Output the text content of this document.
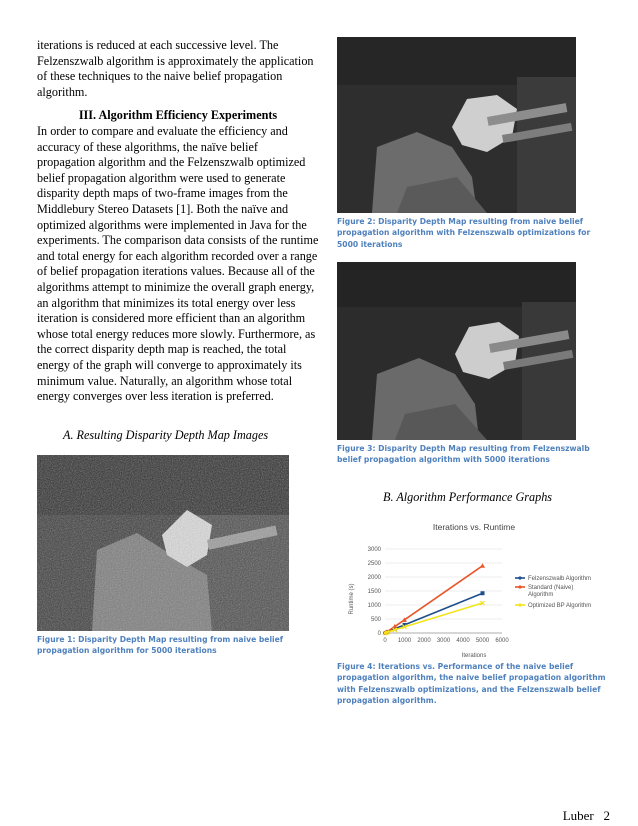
iterations is reduced at each successive level. The Felzenszwalb algorithm is approximately the application of these techniques to the naive belief propagation algorithm.

III. Algorithm Efficiency Experiments

In order to compare and evaluate the efficiency and accuracy of these algorithms, the naïve belief propagation algorithm and the Felzenszwalb optimized belief propagation algorithm were used to generate disparity depth maps of two-frame images from the Middlebury Stereo Datasets [1]. Both the naïve and optimized algorithms were implemented in Java for the experiments. The comparison data consists of the runtime and total energy for each algorithm recorded over a range of belief propagation iterations values. Because all of the algorithms attempt to minimize the overall graph energy, an algorithm that minimizes its total energy over less iteration is considered more efficient than an algorithm whose total energy reduces more slowly. Furthermore, as the correct disparity depth map is reached, the total energy of the graph will converge to approximately its minimum value. Naturally, an algorithm whose total energy converges over less iteration is preferred.

A. Resulting Disparity Depth Map Images

Figure 1: Disparity Depth Map resulting from naive belief propagation algorithm for 5000 iterations

Figure 2: Disparity Depth Map resulting from naive belief propagation algorithm with Felzenszwalb optimizations for 5000 iterations

Figure 3: Disparity Depth Map resulting from Felzenszwalb belief propagation algorithm with 5000 iterations

B. Algorithm Performance Graphs

Iterations vs. Runtime
0
500
1000
1500
2000
2500
3000
0 1000 2000 3000 4000 5000 6000
Felzenszwalb Algorithm
Standard (Naive)
Algorithm
Optimized BP Algorithm
Iterations
Runtime (s)

Figure 4: Iterations vs. Performance of the naive belief propagation algorithm, the naive belief propagation algorithm with Felzenszwalb optimizations, and the Felzenszwalb belief propagation algorithm.

Luber   2
